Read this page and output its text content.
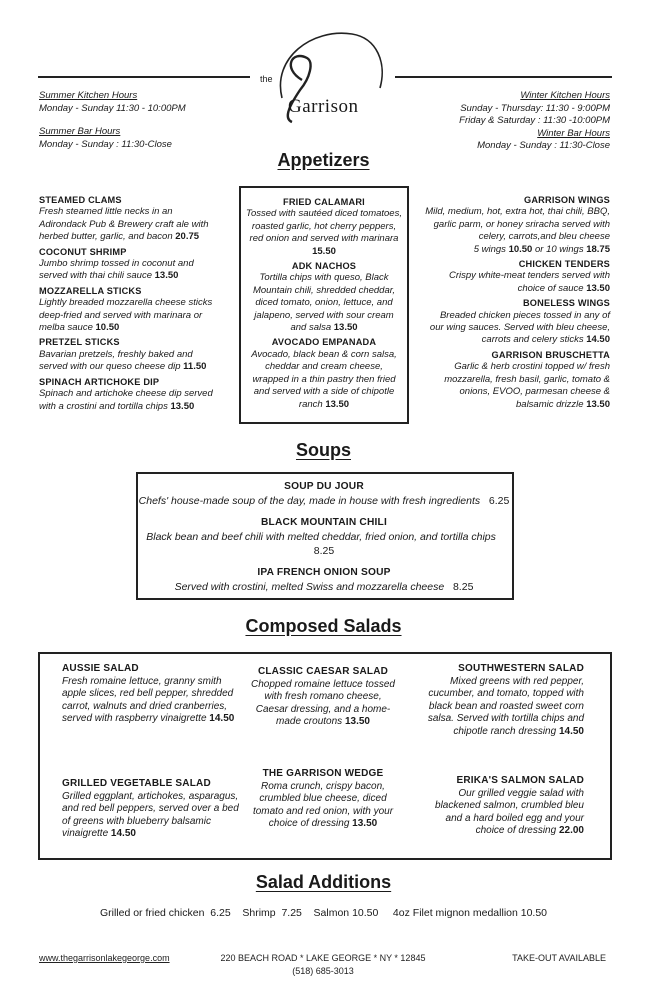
the
Garrison
Summer Kitchen Hours
Monday - Sunday 11:30 - 10:00PM
Summer Bar Hours
Monday - Sunday : 11:30-Close
Winter Kitchen Hours
Sunday - Thursday: 11:30 - 9:00PM
Friday & Saturday : 11:30 -10:00PM
Winter Bar Hours
Monday - Sunday : 11:30-Close
Appetizers
STEAMED CLAMS
Fresh steamed little necks in an Adirondack Pub & Brewery craft ale with herbed butter, garlic, and bacon 20.75
COCONUT SHRIMP
Jumbo shrimp tossed in coconut and served with thai chili sauce 13.50
MOZZARELLA STICKS
Lightly breaded mozzarella cheese sticks deep-fried and served with marinara or melba sauce 10.50
PRETZEL STICKS
Bavarian pretzels, freshly baked and served with our queso cheese dip 11.50
SPINACH ARTICHOKE DIP
Spinach and artichoke cheese dip served with a crostini and tortilla chips 13.50
FRIED CALAMARI
Tossed with sautéed diced tomatoes, roasted garlic, hot cherry peppers, red onion and served with marinara 15.50
ADK NACHOS
Tortilla chips with queso, Black Mountain chili, shredded cheddar, diced tomato, onion, lettuce, and jalapeno, served with sour cream and salsa 13.50
AVOCADO EMPANADA
Avocado, black bean & corn salsa, cheddar and cream cheese, wrapped in a thin pastry then fried and served with a side of chipotle ranch 13.50
GARRISON WINGS
Mild, medium, hot, extra hot, thai chili, BBQ, garlic parm, or honey sriracha served with celery, carrots,and bleu cheese
5 wings 10.50 or 10 wings 18.75
CHICKEN TENDERS
Crispy white-meat tenders served with choice of sauce 13.50
BONELESS WINGS
Breaded chicken pieces tossed in any of our wing sauces. Served with bleu cheese, carrots and celery sticks 14.50
GARRISON BRUSCHETTA
Garlic & herb crostini topped w/ fresh mozzarella, fresh basil, garlic, tomato & onions, EVOO, parmesan cheese & balsamic drizzle 13.50
Soups
SOUP DU JOUR
Chefs' house-made soup of the day, made in house with fresh ingredients 6.25
BLACK MOUNTAIN CHILI
Black bean and beef chili with melted cheddar, fried onion, and tortilla chips   8.25
IPA FRENCH ONION SOUP
Served with crostini, melted Swiss and mozzarella cheese 8.25
Composed Salads
AUSSIE SALAD
Fresh romaine lettuce, granny smith apple slices, red bell pepper, shredded carrot, walnuts and dried cranberries, served with raspberry vinaigrette 14.50
CLASSIC CAESAR SALAD
Chopped romaine lettuce tossed with fresh romano cheese, Caesar dressing, and a home-made croutons 13.50
SOUTHWESTERN SALAD
Mixed greens with red pepper, cucumber, and tomato, topped with black bean and roasted sweet corn salsa. Served with tortilla chips and chipotle ranch dressing 14.50
GRILLED VEGETABLE SALAD
Grilled eggplant, artichokes, asparagus, and red bell peppers, served over a bed of greens with blueberry balsamic vinaigrette 14.50
THE GARRISON WEDGE
Roma crunch, crispy bacon, crumbled blue cheese, diced tomato and red onion, with your choice of dressing 13.50
ERIKA'S SALMON SALAD
Our grilled veggie salad with blackened salmon, crumbled bleu and a hard boiled egg and your choice of dressing 22.00
Salad Additions
Grilled or fried chicken  6.25    Shrimp  7.25    Salmon 10.50     4oz Filet mignon medallion 10.50
www.thegarrisonlakegeorge.com	220 BEACH ROAD * LAKE GEORGE * NY * 12845
(518) 685-3013
TAKE-OUT AVAILABLE
